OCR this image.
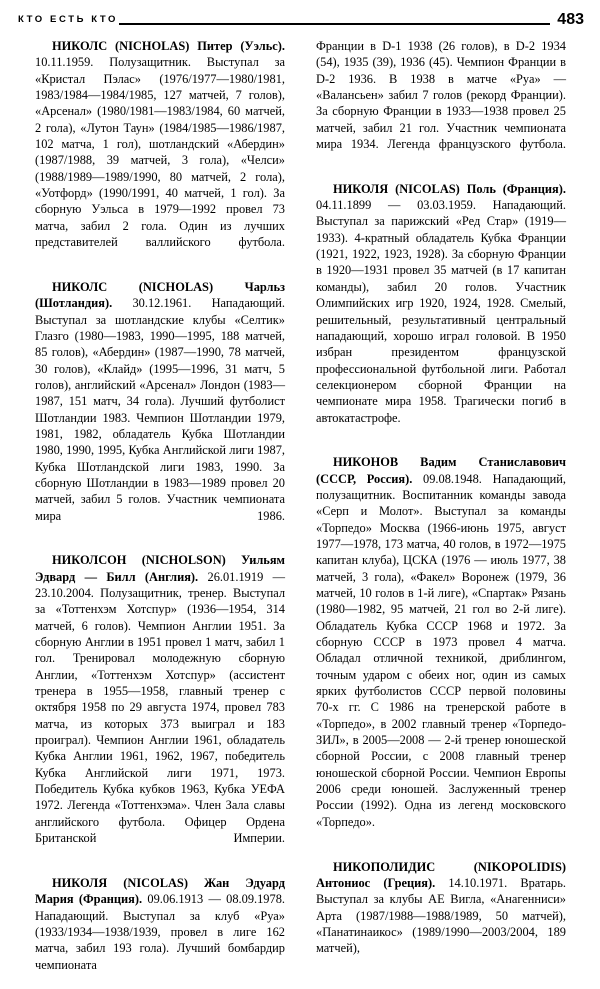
КТО ЕСТЬ КТО	483

НИКОЛС (NICHOLAS) Питер (Уэльс). 10.11.1959. Полузащитник. Выступал за «Кристал Пэлас» (1976/1977—1980/1981, 1983/1984—1984/1985, 127 матчей, 7 голов), «Арсенал» (1980/1981—1983/1984, 60 матчей, 2 гола), «Лутон Таун» (1984/1985—1986/1987, 102 матча, 1 гол), шотландский «Абердин» (1987/1988, 39 матчей, 3 гола), «Челси» (1988/1989—1989/1990, 80 матчей, 2 гола), «Уотфорд» (1990/1991, 40 матчей, 1 гол). За сборную Уэльса в 1979—1992 провел 73 матча, забил 2 гола. Один из лучших представителей валлийского футбола.

НИКОЛС (NICHOLAS) Чарльз (Шотландия). 30.12.1961. Нападающий. Выступал за шотландские клубы «Селтик» Глазго (1980—1983, 1990—1995, 188 матчей, 85 голов), «Абердин» (1987—1990, 78 матчей, 30 голов), «Клайд» (1995—1996, 31 матч, 5 голов), английский «Арсенал» Лондон (1983—1987, 151 матч, 34 гола). Лучший футболист Шотландии 1983. Чемпион Шотландии 1979, 1981, 1982, обладатель Кубка Шотландии 1980, 1990, 1995, Кубка Английской лиги 1987, Кубка Шотландской лиги 1983, 1990. За сборную Шотландии в 1983—1989 провел 20 матчей, забил 5 голов. Участник чемпионата мира 1986.

НИКОЛСОН (NICHOLSON) Уильям Эдвард — Билл (Англия). 26.01.1919 — 23.10.2004. Полузащитник, тренер. Выступал за «Тоттенхэм Хотспур» (1936—1954, 314 матчей, 6 голов). Чемпион Англии 1951. За сборную Англии в 1951 провел 1 матч, забил 1 гол. Тренировал молодежную сборную Англии, «Тоттенхэм Хотспур» (ассистент тренера в 1955—1958, главный тренер с октября 1958 по 29 августа 1974, провел 783 матча, из которых 373 выиграл и 183 проиграл). Чемпион Англии 1961, обладатель Кубка Англии 1961, 1962, 1967, победитель Кубка Английской лиги 1971, 1973. Победитель Кубка кубков 1963, Кубка УЕФА 1972. Легенда «Тоттенхэма». Член Зала славы английского футбола. Офицер Ордена Британской Империи.

НИКОЛЯ (NICOLAS) Жан Эдуард Мария (Франция). 09.06.1913 — 08.09.1978. Нападающий. Выступал за клуб «Руа» (1933/1934—1938/1939, провел в лиге 162 матча, забил 193 гола). Лучший бомбардир чемпионата

Франции в D-1 1938 (26 голов), в D-2 1934 (54), 1935 (39), 1936 (45). Чемпион Франции в D-2 1936. В 1938 в матче «Руа» — «Валансьен» забил 7 голов (рекорд Франции). За сборную Франции в 1933—1938 провел 25 матчей, забил 21 гол. Участник чемпионата мира 1934. Легенда французского футбола.

НИКОЛЯ (NICOLAS) Поль (Франция). 04.11.1899 — 03.03.1959. Нападающий. Выступал за парижский «Ред Стар» (1919—1933). 4-кратный обладатель Кубка Франции (1921, 1922, 1923, 1928). За сборную Франции в 1920—1931 провел 35 матчей (в 17 капитан команды), забил 20 голов. Участник Олимпийских игр 1920, 1924, 1928. Смелый, решительный, результативный центральный нападающий, хорошо играл головой. В 1950 избран президентом французской профессиональной футбольной лиги. Работал селекционером сборной Франции на чемпионате мира 1958. Трагически погиб в автокатастрофе.

НИКОНОВ Вадим Станиславович (СССР, Россия). 09.08.1948. Нападающий, полузащитник. Воспитанник команды завода «Серп и Молот». Выступал за команды «Торпедо» Москва (1966-июнь 1975, август 1977—1978, 173 матча, 40 голов, в 1972—1975 капитан клуба), ЦСКА (1976 — июль 1977, 38 матчей, 3 гола), «Факел» Воронеж (1979, 36 матчей, 10 голов в 1-й лиге), «Спартак» Рязань (1980—1982, 95 матчей, 21 гол во 2-й лиге). Обладатель Кубка СССР 1968 и 1972. За сборную СССР в 1973 провел 4 матча. Обладал отличной техникой, дриблингом, точным ударом с обеих ног, один из самых ярких футболистов СССР первой половины 70-х гг. С 1986 на тренерской работе в «Торпедо», в 2002 главный тренер «Торпедо-ЗИЛ», в 2005—2008 — 2-й тренер юношеской сборной России, с 2008 главный тренер юношеской сборной России. Чемпион Европы 2006 среди юношей. Заслуженный тренер России (1992). Одна из легенд московского «Торпедо».

НИКОПОЛИДИС (NIKOPOLIDIS) Антониос (Греция). 14.10.1971. Вратарь. Выступал за клубы АЕ Вигла, «Анагенниси» Арта (1987/1988—1988/1989, 50 матчей), «Панатинаикос» (1989/1990—2003/2004, 189 матчей),
